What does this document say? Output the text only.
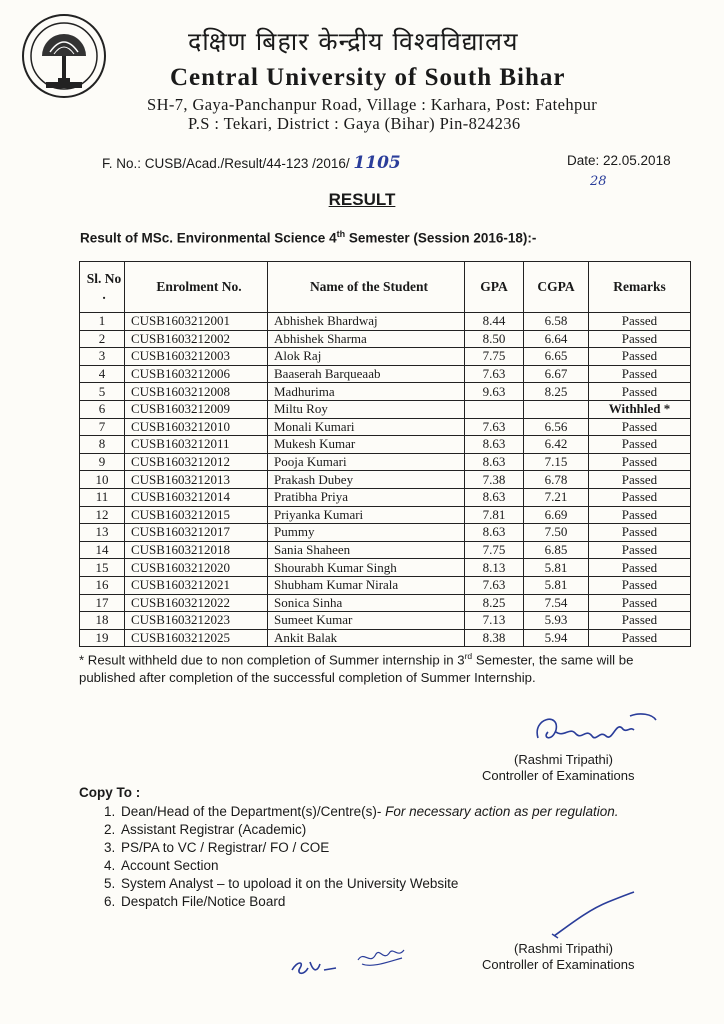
दक्षिण बिहार केन्द्रीय विश्वविद्यालय
Central University of South Bihar
SH-7, Gaya-Panchanpur Road, Village : Karhara, Post: Fatehpur
P.S : Tekari, District : Gaya (Bihar) Pin-824236
F. No.: CUSB/Acad./Result/44-123 /2016/ 1105	Date: 22.05.2018
28
RESULT
Result of MSc. Environmental Science 4th Semester (Session 2016-18):-
Sl. No .	Enrolment No.	Name of the Student	GPA	CGPA	Remarks
1	CUSB1603212001	Abhishek Bhardwaj	8.44	6.58	Passed
2	CUSB1603212002	Abhishek Sharma	8.50	6.64	Passed
3	CUSB1603212003	Alok Raj	7.75	6.65	Passed
4	CUSB1603212006	Baaserah Barqueaab	7.63	6.67	Passed
5	CUSB1603212008	Madhurima	9.63	8.25	Passed
6	CUSB1603212009	Miltu Roy			Withhled *
7	CUSB1603212010	Monali Kumari	7.63	6.56	Passed
8	CUSB1603212011	Mukesh Kumar	8.63	6.42	Passed
9	CUSB1603212012	Pooja Kumari	8.63	7.15	Passed
10	CUSB1603212013	Prakash Dubey	7.38	6.78	Passed
11	CUSB1603212014	Pratibha Priya	8.63	7.21	Passed
12	CUSB1603212015	Priyanka Kumari	7.81	6.69	Passed
13	CUSB1603212017	Pummy	8.63	7.50	Passed
14	CUSB1603212018	Sania Shaheen	7.75	6.85	Passed
15	CUSB1603212020	Shourabh Kumar Singh	8.13	5.81	Passed
16	CUSB1603212021	Shubham Kumar Nirala	7.63	5.81	Passed
17	CUSB1603212022	Sonica Sinha	8.25	7.54	Passed
18	CUSB1603212023	Sumeet Kumar	7.13	5.93	Passed
19	CUSB1603212025	Ankit Balak	8.38	5.94	Passed
* Result withheld due to non completion of Summer internship in 3rd Semester, the same will be published after completion of the successful completion of Summer Internship.
(Rashmi Tripathi)
Controller of Examinations
Copy To :
1. Dean/Head of the Department(s)/Centre(s)- For necessary action as per regulation.
2. Assistant Registrar (Academic)
3. PS/PA to VC / Registrar/ FO / COE
4. Account Section
5. System Analyst – to upoload it on the University Website
6. Despatch File/Notice Board
(Rashmi Tripathi)
Controller of Examinations
